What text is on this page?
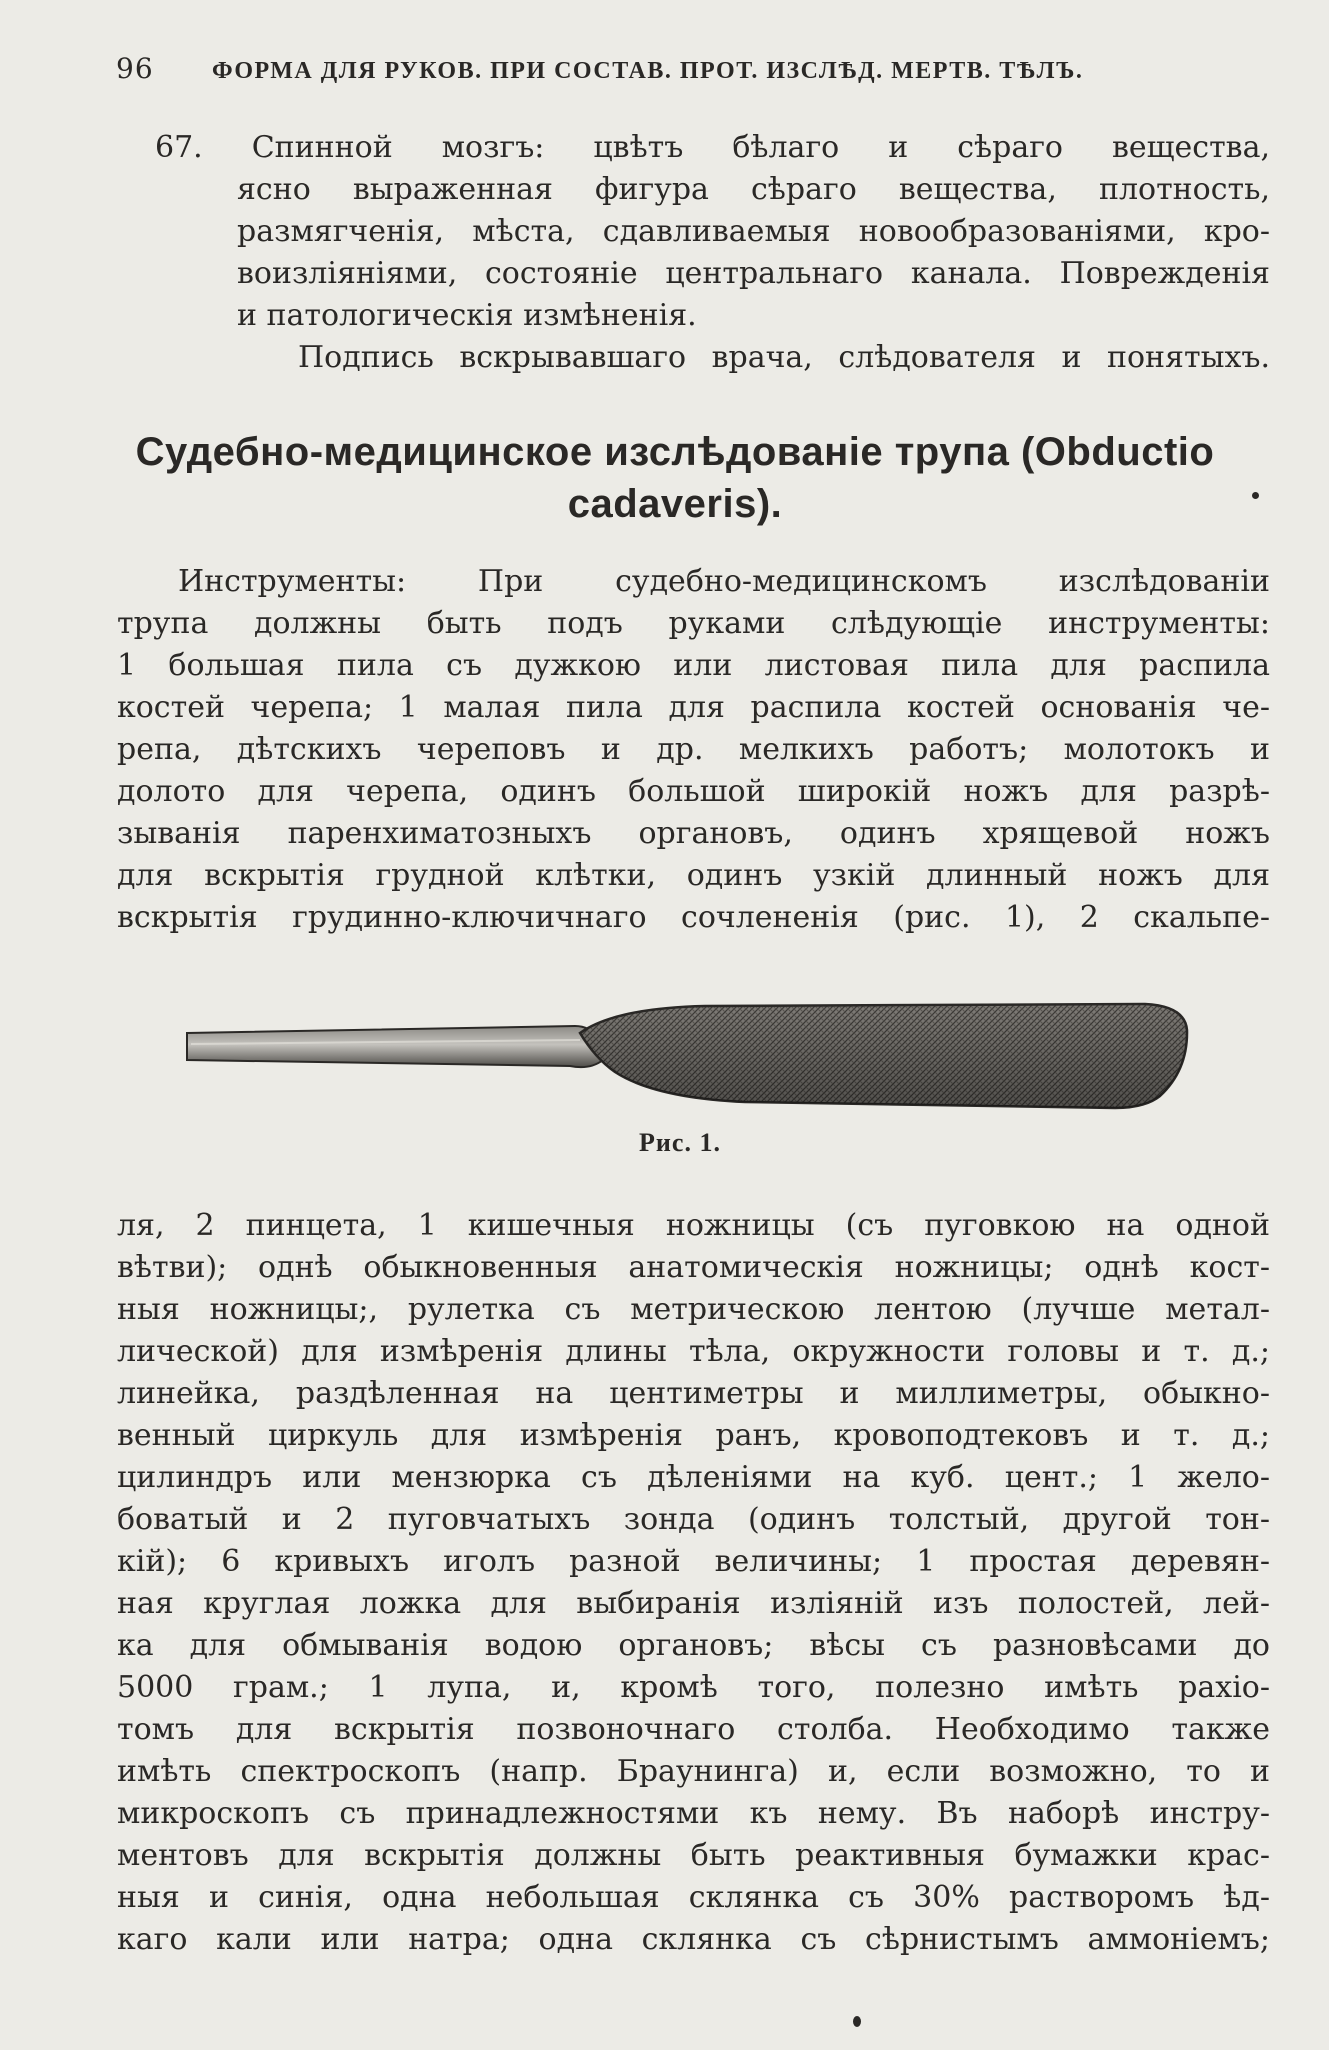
96 ФОРМА ДЛЯ РУКОВ. ПРИ СОСТАВ. ПРОТ. ИЗСЛѢД. МЕРТВ. ТѢЛЪ.
67. Спинной мозгъ: цвѣтъ бѣлаго и сѣраго вещества,
ясно выраженная фигура сѣраго вещества, плотность,
размягченія, мѣста, сдавливаемыя новообразованіями, кро-
воизліяніями, состояніе центральнаго канала. Поврежденія
и патологическія измѣненія.
Подпись вскрывавшаго врача, слѣдователя и понятыхъ.
Судебно-медицинское изслѣдованіе трупа (Obductio
cadaveris).
Инструменты: При судебно-медицинскомъ изслѣдованіи
трупа должны быть подъ руками слѣдующіе инструменты:
1 большая пила съ дужкою или листовая пила для распила
костей черепа; 1 малая пила для распила костей основанія че-
репа, дѣтскихъ череповъ и др. мелкихъ работъ; молотокъ и
долото для черепа, одинъ большой широкій ножъ для разрѣ-
зыванія паренхиматозныхъ органовъ, одинъ хрящевой ножъ
для вскрытія грудной клѣтки, одинъ узкій длинный ножъ для
вскрытія грудинно-ключичнаго сочлененія (рис. 1), 2 скальпе-
Рис. 1.
ля, 2 пинцета, 1 кишечныя ножницы (съ пуговкою на одной
вѣтви); однѣ обыкновенныя анатомическія ножницы; однѣ кост-
ныя ножницы;, рулетка съ метрическою лентою (лучше метал-
лической) для измѣренія длины тѣла, окружности головы и т. д.;
линейка, раздѣленная на центиметры и миллиметры, обыкно-
венный циркуль для измѣренія ранъ, кровоподтековъ и т. д.;
цилиндръ или мензюрка съ дѣленіями на куб. цент.; 1 жело-
боватый и 2 пуговчатыхъ зонда (одинъ толстый, другой тон-
кій); 6 кривыхъ иголъ разной величины; 1 простая деревян-
ная круглая ложка для выбиранія изліяній изъ полостей, лей-
ка для обмыванія водою органовъ; вѣсы съ разновѣсами до
5000 грам.; 1 лупа, и, кромѣ того, полезно имѣть рахіо-
томъ для вскрытія позвоночнаго столба. Необходимо также
имѣть спектроскопъ (напр. Браунинга) и, если возможно, то и
микроскопъ съ принадлежностями къ нему. Въ наборѣ инстру-
ментовъ для вскрытія должны быть реактивныя бумажки крас-
ныя и синія, одна небольшая склянка съ 30% растворомъ ѣд-
каго кали или натра; одна склянка съ сѣрнистымъ аммоніемъ;
